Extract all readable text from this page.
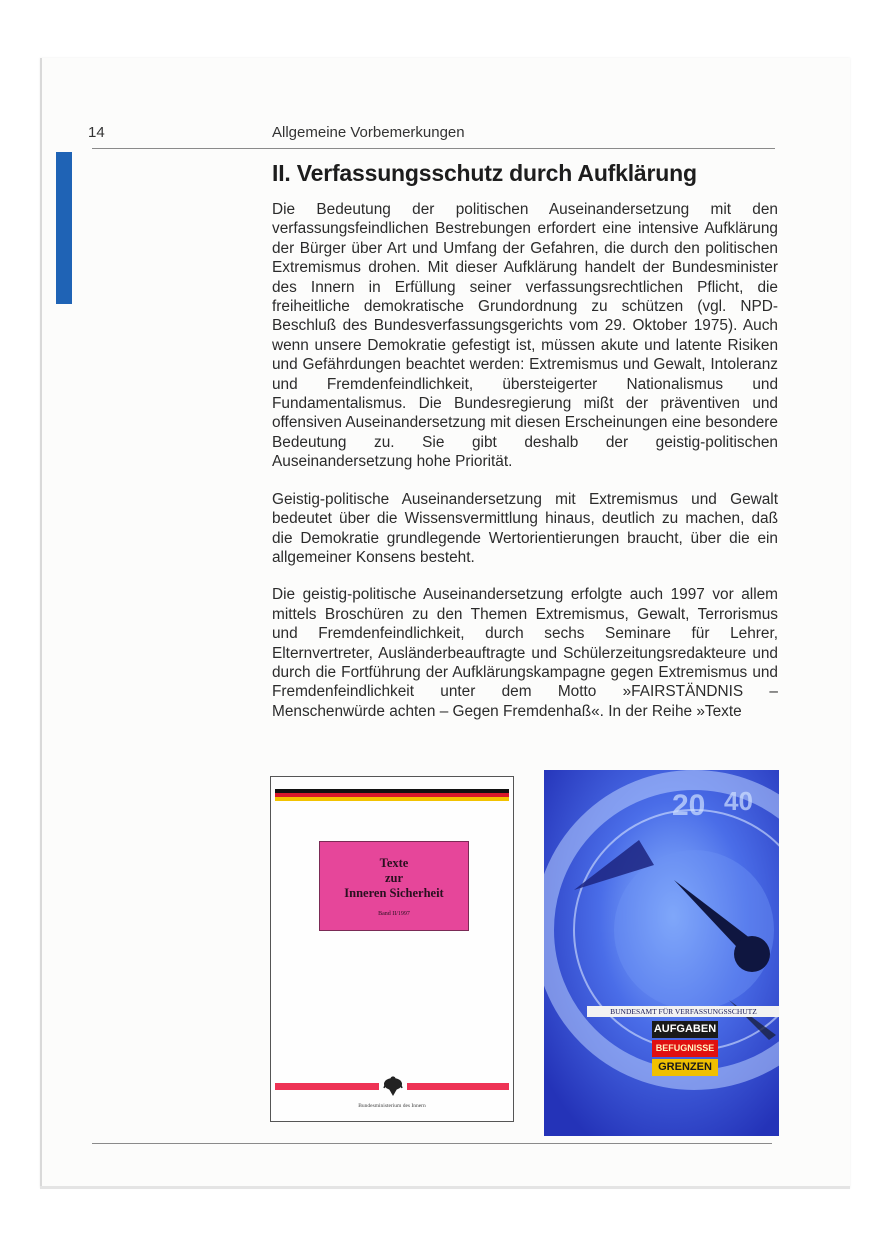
14	Allgemeine Vorbemerkungen
II. Verfassungsschutz durch Aufklärung

Die Bedeutung der politischen Auseinandersetzung mit den verfassungsfeindlichen Bestrebungen erfordert eine intensive Aufklärung der Bürger über Art und Umfang der Gefahren, die durch den politischen Extremismus drohen. Mit dieser Aufklärung handelt der Bundesminister des Innern in Erfüllung seiner verfassungsrechtlichen Pflicht, die freiheitliche demokratische Grundordnung zu schützen (vgl. NPD-Beschluß des Bundesverfassungsgerichts vom 29. Oktober 1975). Auch wenn unsere Demokratie gefestigt ist, müssen akute und latente Risiken und Gefährdungen beachtet werden: Extremismus und Gewalt, Intoleranz und Fremdenfeindlichkeit, übersteigerter Nationalismus und Fundamentalismus. Die Bundesregierung mißt der präventiven und offensiven Auseinandersetzung mit diesen Erscheinungen eine besondere Bedeutung zu. Sie gibt deshalb der geistig-politischen Auseinandersetzung hohe Priorität.

Geistig-politische Auseinandersetzung mit Extremismus und Gewalt bedeutet über die Wissensvermittlung hinaus, deutlich zu machen, daß die Demokratie grundlegende Wertorientierungen braucht, über die ein allgemeiner Konsens besteht.

Die geistig-politische Auseinandersetzung erfolgte auch 1997 vor allem mittels Broschüren zu den Themen Extremismus, Gewalt, Terrorismus und Fremdenfeindlichkeit, durch sechs Seminare für Lehrer, Elternvertreter, Ausländerbeauftragte und Schülerzeitungsredakteure und durch die Fortführung der Aufklärungskampagne gegen Extremismus und Fremdenfeindlichkeit unter dem Motto »FAIRSTÄNDNIS – Menschenwürde achten – Gegen Fremdenhaß«. In der Reihe »Texte

Texte
zur
Inneren Sicherheit
Band II/1997
Bundesministerium des Innern
20 40
BUNDESAMT FÜR VERFASSUNGSSCHUTZ
AUFGABEN
BEFUGNISSE
GRENZEN
